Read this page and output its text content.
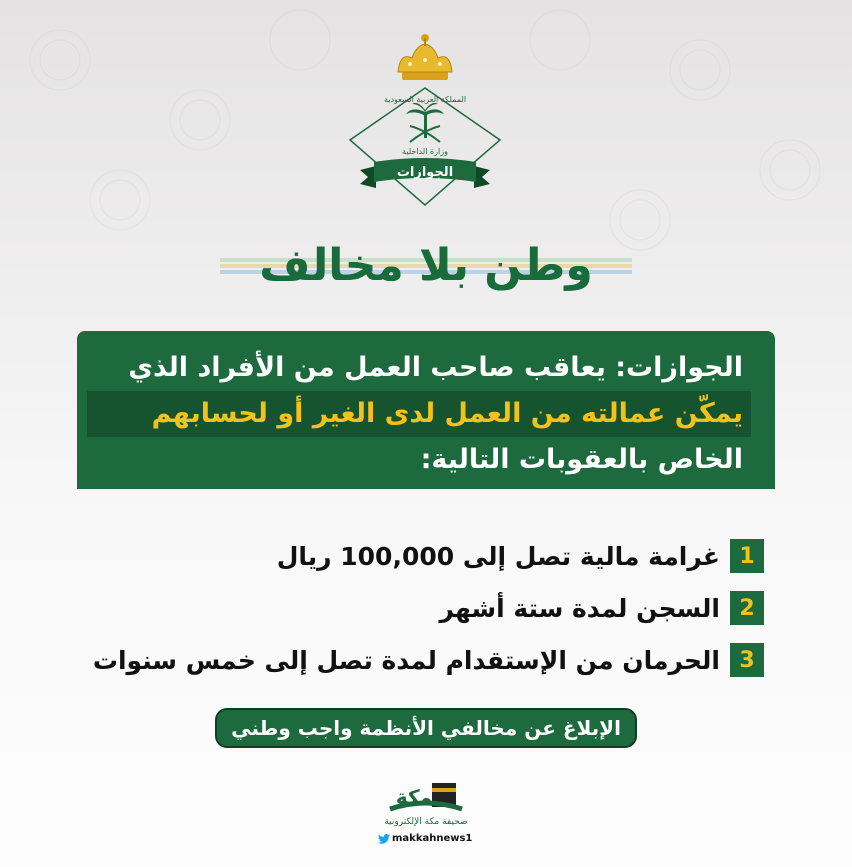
المملكة العربية السعودية
وزارة الداخلية
الجوازات
وطن بلا مخالف
الجوازات: يعاقب صاحب العمل من الأفراد الذي
يمكّن عمالته من العمل لدى الغير أو لحسابهم
الخاص بالعقوبات التالية:
1
غرامة مالية تصل إلى 100,000 ريال
2
السجن لمدة ستة أشهر
3
الحرمان من الإستقدام لمدة تصل إلى خمس سنوات
الإبلاغ عن مخالفي الأنظمة واجب وطني
مكة
صحيفة مكة الإلكترونية
makkahnews1
